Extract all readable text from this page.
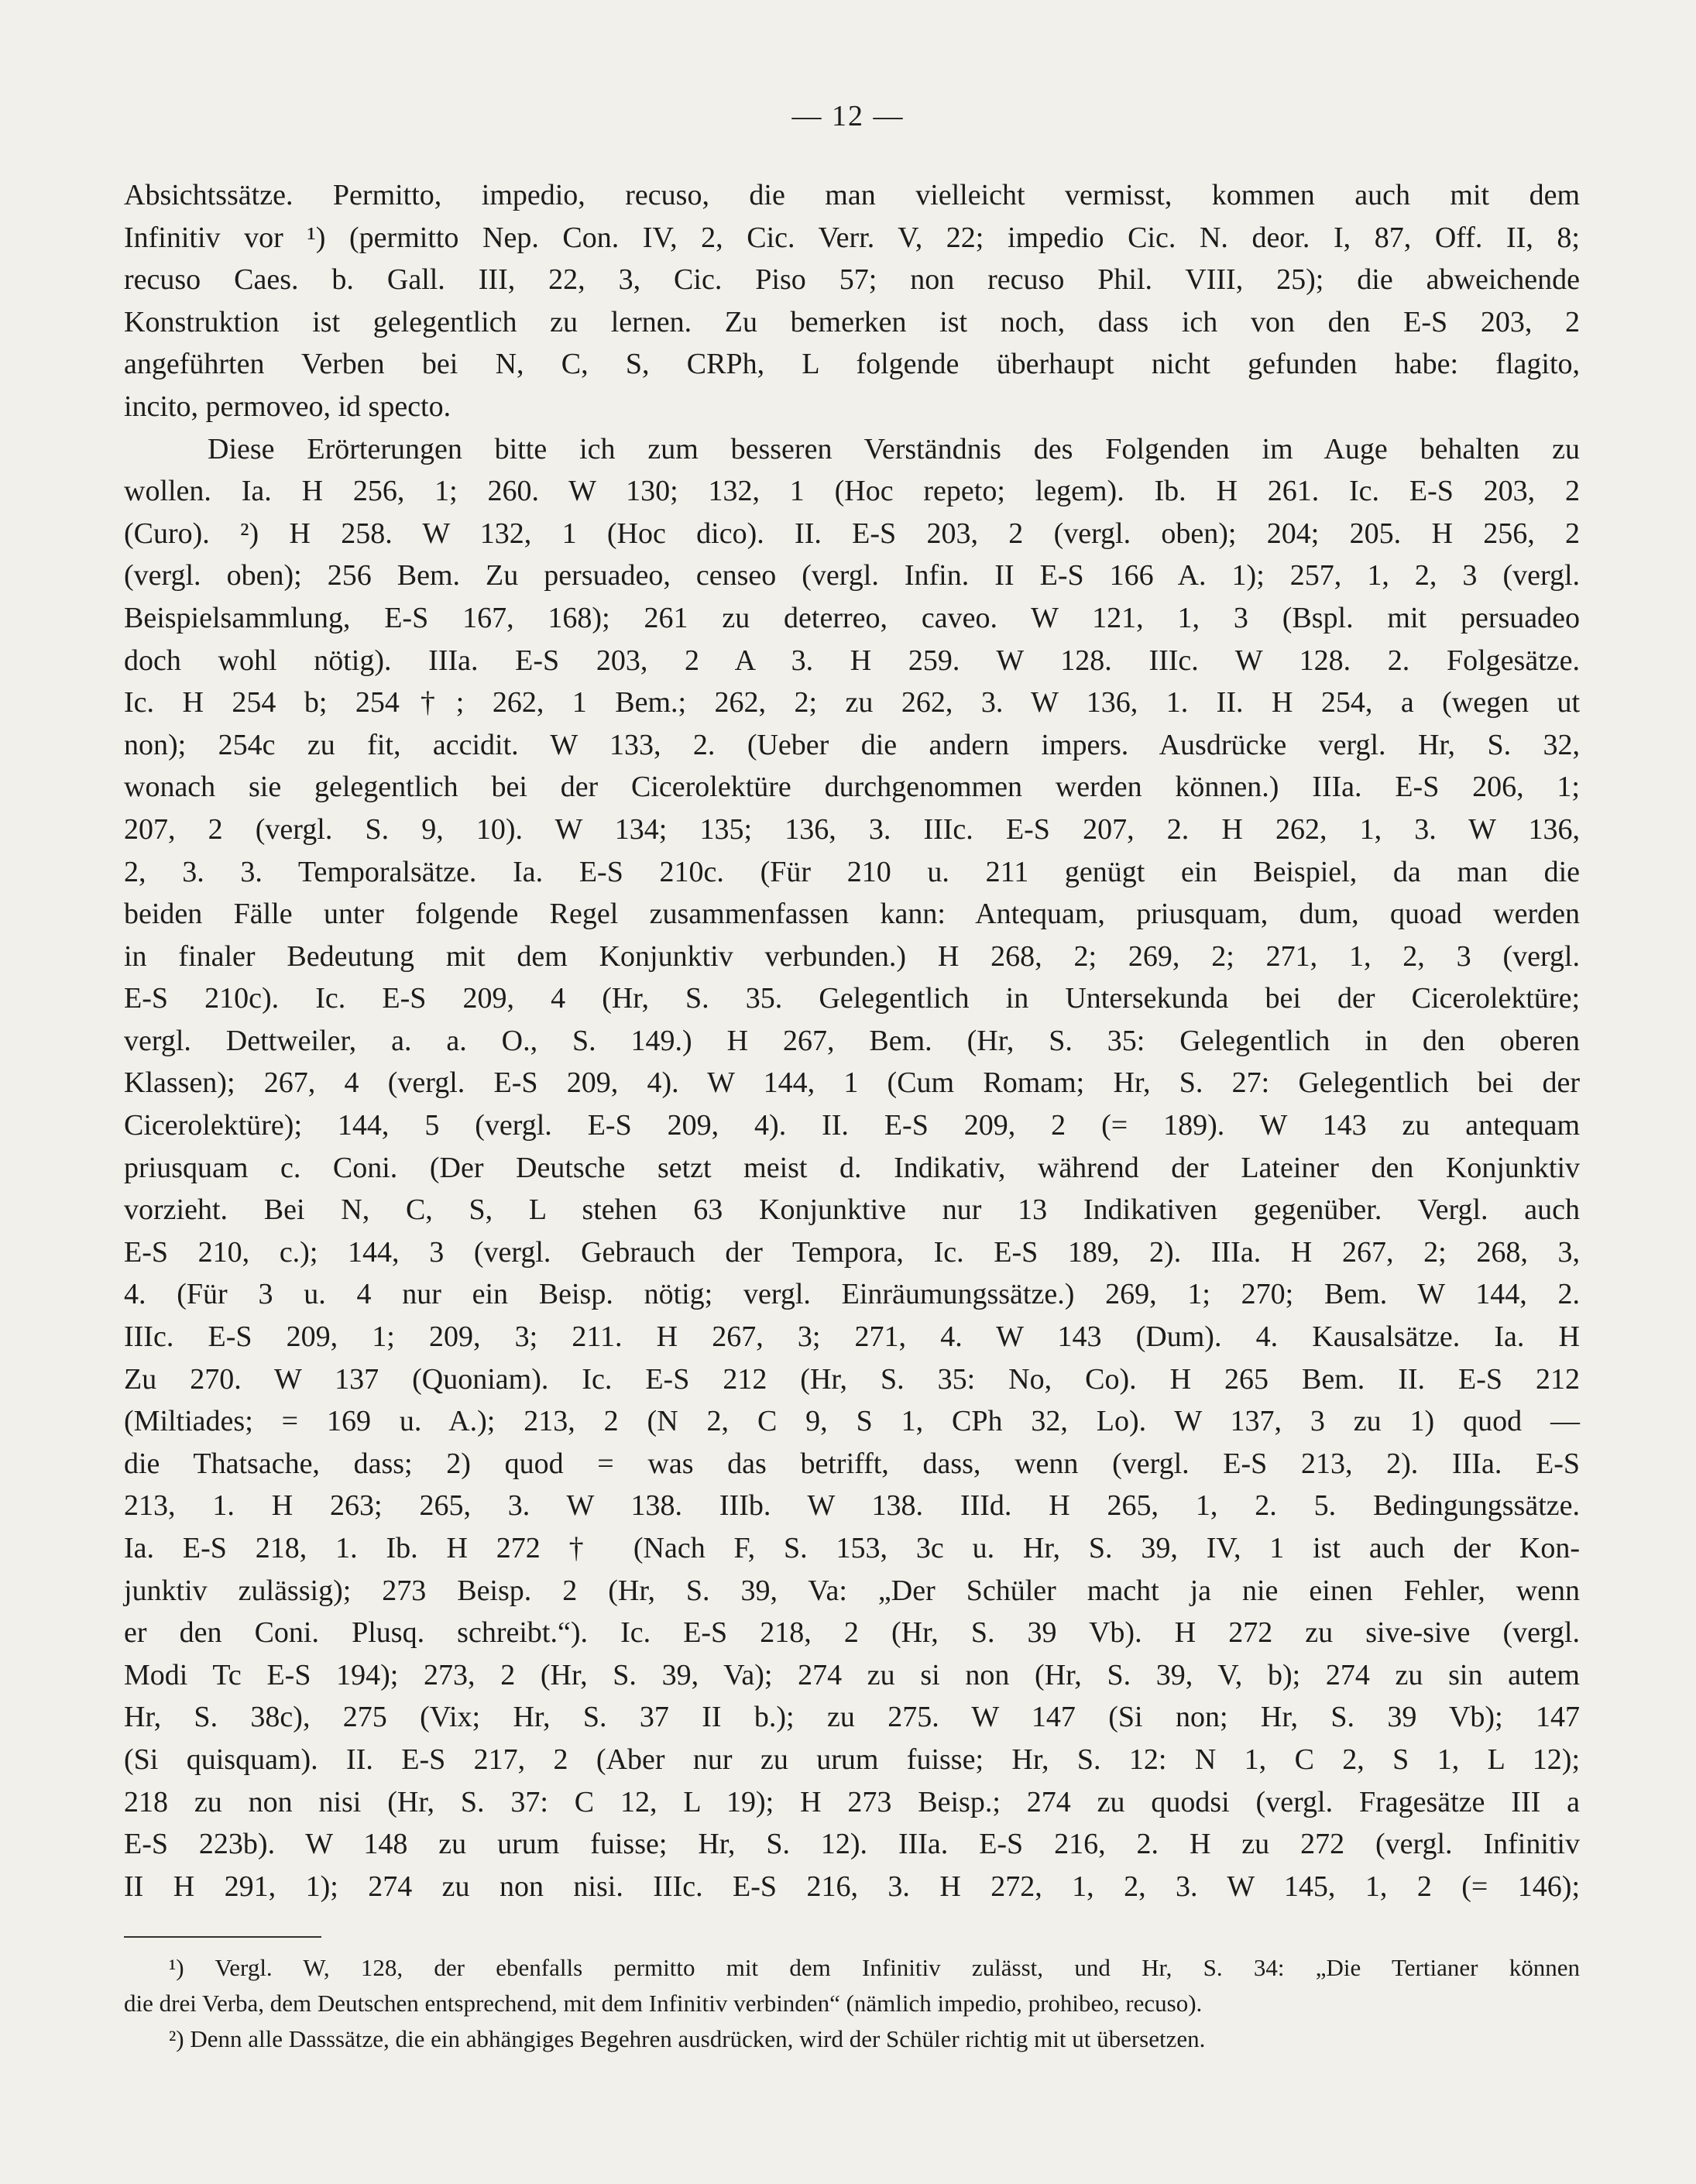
— 12 —
Absichtssätze. Permitto, impedio, recuso, die man vielleicht vermisst, kommen auch mit dem
Infinitiv vor ¹) (permitto Nep. Con. IV, 2, Cic. Verr. V, 22; impedio Cic. N. deor. I, 87, Off. II, 8;
recuso Caes. b. Gall. III, 22, 3, Cic. Piso 57; non recuso Phil. VIII, 25); die abweichende
Konstruktion ist gelegentlich zu lernen. Zu bemerken ist noch, dass ich von den E-S 203, 2
angeführten Verben bei N, C, S, CRPh, L folgende überhaupt nicht gefunden habe: flagito,
incito, permoveo, id specto.
Diese Erörterungen bitte ich zum besseren Verständnis des Folgenden im Auge behalten zu
wollen. Ia. H 256, 1; 260. W 130; 132, 1 (Hoc repeto; legem). Ib. H 261. Ic. E-S 203, 2
(Curo). ²) H 258. W 132, 1 (Hoc dico). II. E-S 203, 2 (vergl. oben); 204; 205. H 256, 2
(vergl. oben); 256 Bem. Zu persuadeo, censeo (vergl. Infin. II E-S 166 A. 1); 257, 1, 2, 3 (vergl.
Beispielsammlung, E-S 167, 168); 261 zu deterreo, caveo. W 121, 1, 3 (Bspl. mit persuadeo
doch wohl nötig). IIIa. E-S 203, 2 A 3. H 259. W 128. IIIc. W 128. 2. Folgesätze.
Ic. H 254 b; 254†; 262, 1 Bem.; 262, 2; zu 262, 3. W 136, 1. II. H 254, a (wegen ut
non); 254c zu fit, accidit. W 133, 2. (Ueber die andern impers. Ausdrücke vergl. Hr, S. 32,
wonach sie gelegentlich bei der Cicerolektüre durchgenommen werden können.) IIIa. E-S 206, 1;
207, 2 (vergl. S. 9, 10). W 134; 135; 136, 3. IIIc. E-S 207, 2. H 262, 1, 3. W 136,
2, 3. 3. Temporalsätze. Ia. E-S 210c. (Für 210 u. 211 genügt ein Beispiel, da man die
beiden Fälle unter folgende Regel zusammenfassen kann: Antequam, priusquam, dum, quoad werden
in finaler Bedeutung mit dem Konjunktiv verbunden.) H 268, 2; 269, 2; 271, 1, 2, 3 (vergl.
E-S 210c). Ic. E-S 209, 4 (Hr, S. 35. Gelegentlich in Untersekunda bei der Cicerolektüre;
vergl. Dettweiler, a. a. O., S. 149.) H 267, Bem. (Hr, S. 35: Gelegentlich in den oberen
Klassen); 267, 4 (vergl. E-S 209, 4). W 144, 1 (Cum Romam; Hr, S. 27: Gelegentlich bei der
Cicerolektüre); 144, 5 (vergl. E-S 209, 4). II. E-S 209, 2 (= 189). W 143 zu antequam
priusquam c. Coni. (Der Deutsche setzt meist d. Indikativ, während der Lateiner den Konjunktiv
vorzieht. Bei N, C, S, L stehen 63 Konjunktive nur 13 Indikativen gegenüber. Vergl. auch
E-S 210, c.); 144, 3 (vergl. Gebrauch der Tempora, Ic. E-S 189, 2). IIIa. H 267, 2; 268, 3,
4. (Für 3 u. 4 nur ein Beisp. nötig; vergl. Einräumungssätze.) 269, 1; 270; Bem. W 144, 2.
IIIc. E-S 209, 1; 209, 3; 211. H 267, 3; 271, 4. W 143 (Dum). 4. Kausalsätze. Ia. H
Zu 270. W 137 (Quoniam). Ic. E-S 212 (Hr, S. 35: No, Co). H 265 Bem. II. E-S 212
(Miltiades; = 169 u. A.); 213, 2 (N 2, C 9, S 1, CPh 32, Lo). W 137, 3 zu 1) quod —
die Thatsache, dass; 2) quod = was das betrifft, dass, wenn (vergl. E-S 213, 2). IIIa. E-S
213, 1. H 263; 265, 3. W 138. IIIb. W 138. IIId. H 265, 1, 2. 5. Bedingungssätze.
Ia. E-S 218, 1. Ib. H 272 † (Nach F, S. 153, 3c u. Hr, S. 39, IV, 1 ist auch der Kon-
junktiv zulässig); 273 Beisp. 2 (Hr, S. 39, Va: „Der Schüler macht ja nie einen Fehler, wenn
er den Coni. Plusq. schreibt.“). Ic. E-S 218, 2 (Hr, S. 39 Vb). H 272 zu sive-sive (vergl.
Modi Tc E-S 194); 273, 2 (Hr, S. 39, Va); 274 zu si non (Hr, S. 39, V, b); 274 zu sin autem
Hr, S. 38c), 275 (Vix; Hr, S. 37 II b.); zu 275. W 147 (Si non; Hr, S. 39 Vb); 147
(Si quisquam). II. E-S 217, 2 (Aber nur zu urum fuisse; Hr, S. 12: N 1, C 2, S 1, L 12);
218 zu non nisi (Hr, S. 37: C 12, L 19); H 273 Beisp.; 274 zu quodsi (vergl. Fragesätze III a
E-S 223b). W 148 zu urum fuisse; Hr, S. 12). IIIa. E-S 216, 2. H zu 272 (vergl. Infinitiv
II H 291, 1); 274 zu non nisi. IIIc. E-S 216, 3. H 272, 1, 2, 3. W 145, 1, 2 (= 146);
¹) Vergl. W, 128, der ebenfalls permitto mit dem Infinitiv zulässt, und Hr, S. 34: „Die Tertianer können
die drei Verba, dem Deutschen entsprechend, mit dem Infinitiv verbinden“ (nämlich impedio, prohibeo, recuso).
²) Denn alle Dasssätze, die ein abhängiges Begehren ausdrücken, wird der Schüler richtig mit ut übersetzen.
